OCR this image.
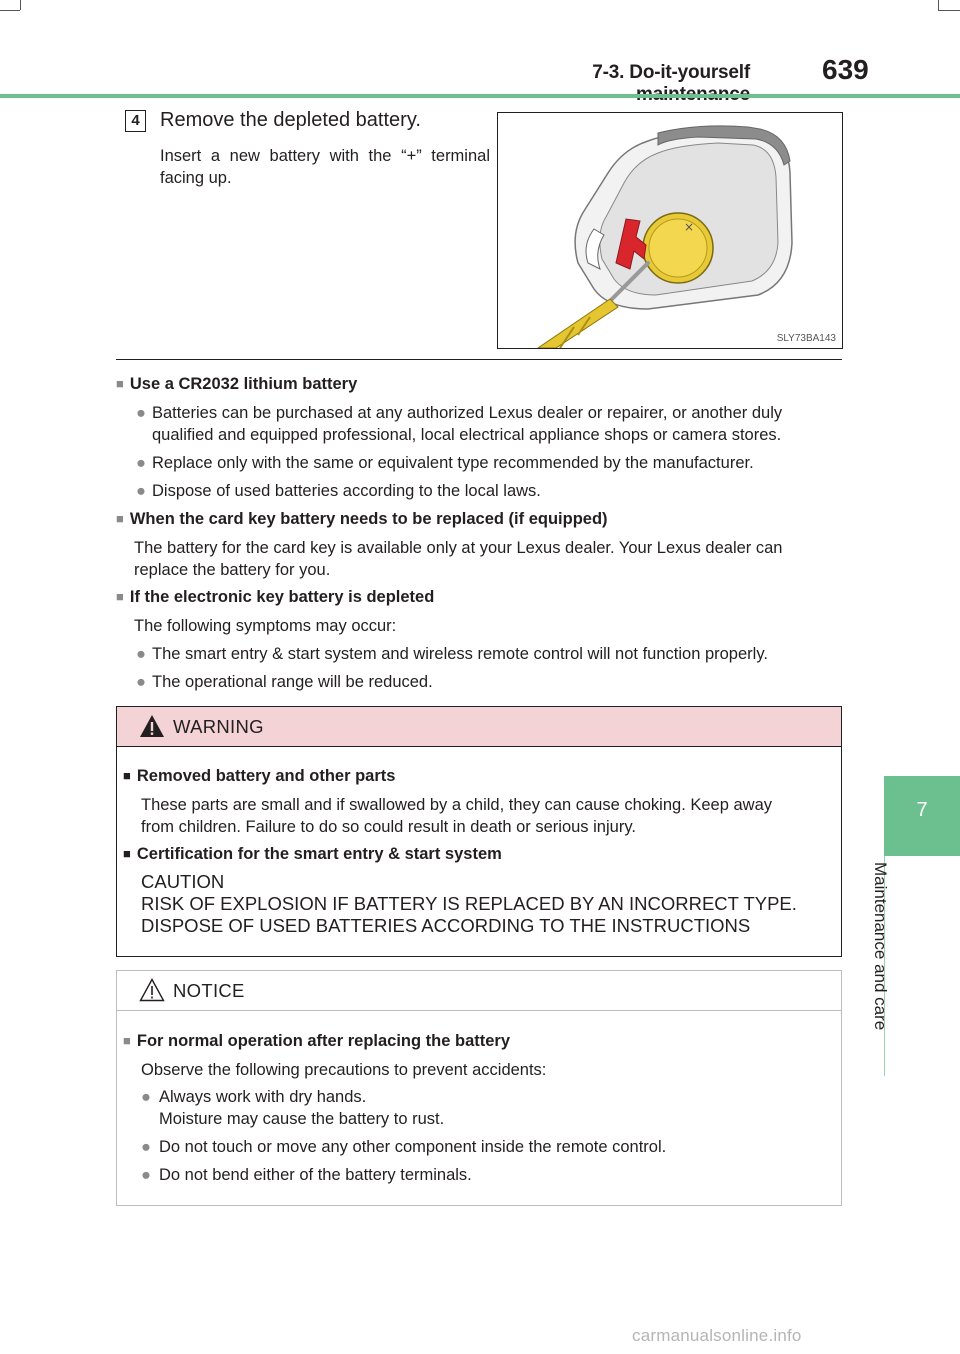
7-3. Do-it-yourself	639
7
Maintenance and care
4	Remove the depleted battery.
Insert a new battery with the “+” terminal facing up.
×
SLY73BA143
■ Use a CR2032 lithium battery
● Batteries can be purchased at any authorized Lexus dealer or repairer, or another duly
qualified and equipped professional, local electrical appliance shops or camera stores.
● Replace only with the same or equivalent type recommended by the manufacturer.
● Dispose of used batteries according to the local laws.
■ When the card key battery needs to be replaced (if equipped)
The battery for the card key is available only at your Lexus dealer. Your Lexus dealer can
replace the battery for you.
■ If the electronic key battery is depleted
The following symptoms may occur:
● The smart entry & start system and wireless remote control will not function properly.
● The operational range will be reduced.
WARNING
■ Removed battery and other parts
These parts are small and if swallowed by a child, they can cause choking. Keep away
from children. Failure to do so could result in death or serious injury.
■ Certification for the smart entry & start system
CAUTION
RISK OF EXPLOSION IF BATTERY IS REPLACED BY AN INCORRECT TYPE.
DISPOSE OF USED BATTERIES ACCORDING TO THE INSTRUCTIONS
NOTICE
■ For normal operation after replacing the battery
Observe the following precautions to prevent accidents:
● Always work with dry hands.
Moisture may cause the battery to rust.
● Do not touch or move any other component inside the remote control.
● Do not bend either of the battery terminals.
carmanualsonline.info
